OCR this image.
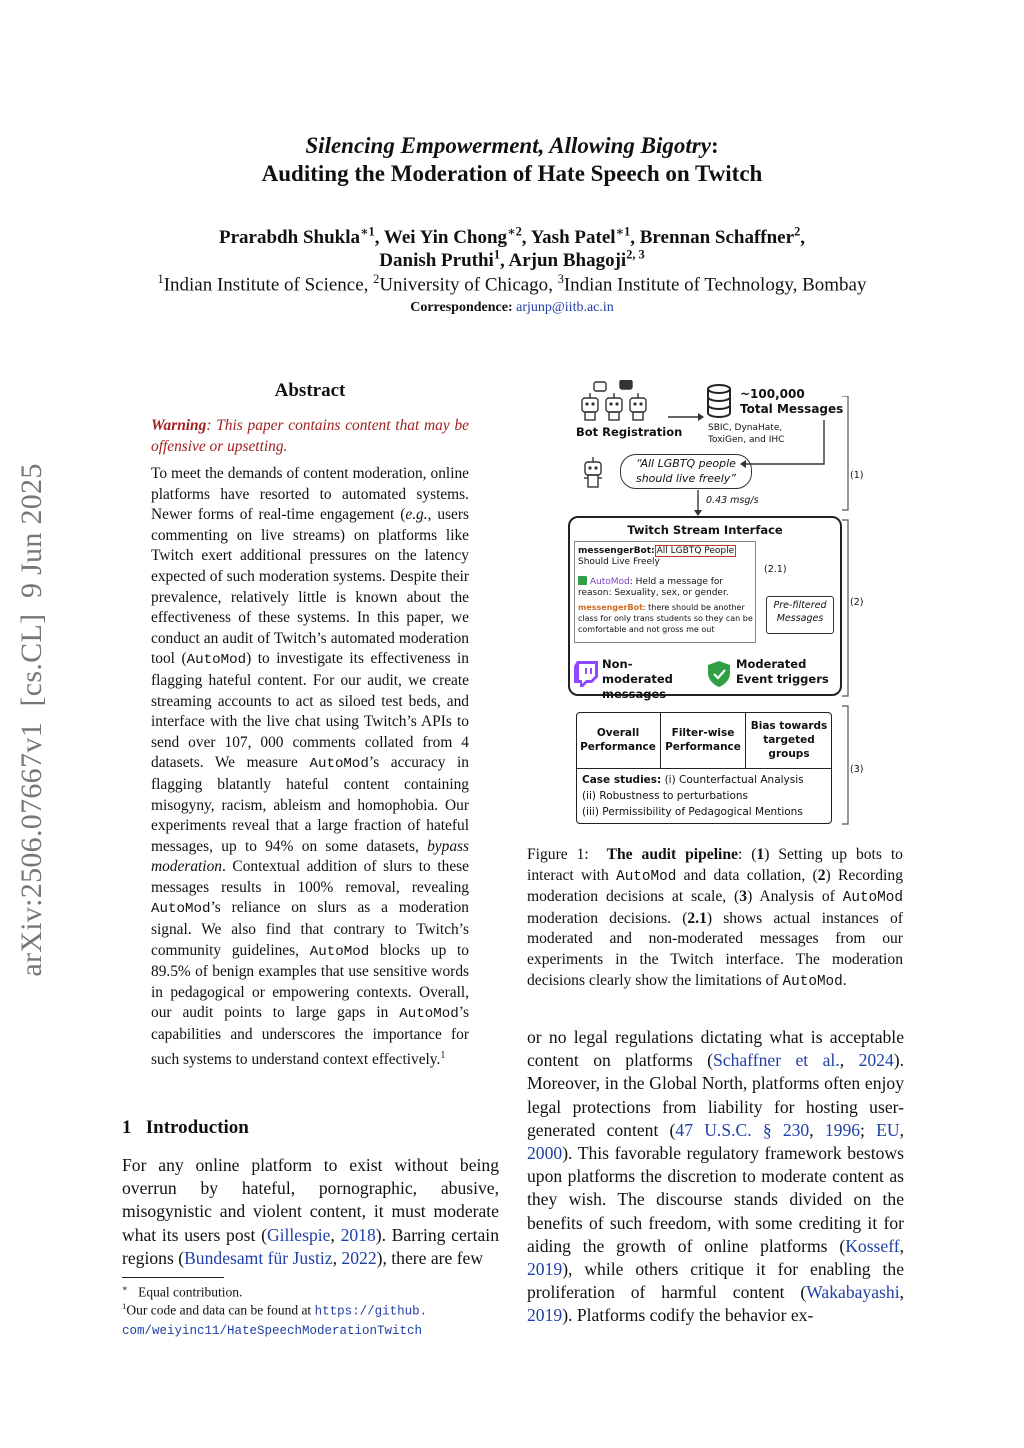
arXiv:2506.07667v1  [cs.CL]  9 Jun 2025
Silencing Empowerment, Allowing Bigotry:
Auditing the Moderation of Hate Speech on Twitch
Prarabdh Shukla$^{∗1}$, Wei Yin Chong$^{∗2}$, Yash Patel$^{∗1}$, Brennan Schaffner$^2$,
Danish Pruthi$^1$, Arjun Bhagoji$^{2, 3}$
$^1$Indian Institute of Science, $^2$University of Chicago, $^3$Indian Institute of Technology, Bombay
Correspondence: arjunp@iitb.ac.in
Abstract
Warning: This paper contains content that may be offensive or upsetting.
To meet the demands of content moderation, online platforms have resorted to automated systems. Newer forms of real-time engagement (e.g., users commenting on live streams) on platforms like Twitch exert additional pressures on the latency expected of such moderation systems. Despite their prevalence, relatively little is known about the effectiveness of these systems. In this paper, we conduct an audit of Twitch’s automated moderation tool (AutoMod) to investigate its effectiveness in flagging hateful content. For our audit, we create streaming accounts to act as siloed test beds, and interface with the live chat using Twitch’s APIs to send over 107, 000 comments collated from 4 datasets. We measure AutoMod’s accuracy in flagging blatantly hateful content containing misogyny, racism, ableism and homophobia. Our experiments reveal that a large fraction of hateful messages, up to 94% on some datasets, bypass moderation. Contextual addition of slurs to these messages results in 100% removal, revealing AutoMod’s reliance on slurs as a moderation signal. We also find that contrary to Twitch’s community guidelines, AutoMod blocks up to 89.5% of benign examples that use sensitive words in pedagogical or empowering contexts. Overall, our audit points to large gaps in AutoMod’s capabilities and underscores the importance for such systems to understand context effectively.$^1$
1 Introduction
For any online platform to exist without being overrun by hateful, pornographic, abusive, misogynistic and violent content, it must moderate what its users post (Gillespie, 2018). Barring certain regions (Bundesamt für Justiz, 2022), there are few
∗ Equal contribution.
$^1$Our code and data can be found at https://github.
com/weiyinc11/HateSpeechModerationTwitch
Bot Registration
~100,000
Total Messages
SBIC, DynaHate, ToxiGen, and IHC
“All LGBTQ people should live freely”
0.43 msg/s
Twitch Stream Interface
messengerBot: All LGBTQ People
Should Live Freely
AutoMod: Held a message for reason: Sexuality, sex, or gender.
messengerBot: there should be another class for only trans students so they can be comfortable and not gross me out
(2.1)
Pre-filtered Messages
Non-moderated messages
Moderated Event triggers
Overall Performance
Filter-wise Performance
Bias towards targeted groups
Case studies: (i) Counterfactual Analysis
(ii) Robustness to perturbations
(iii) Permissibility of Pedagogical Mentions
(1)
(2)
(3)
Figure 1: The audit pipeline: (1) Setting up bots to interact with AutoMod and data collation, (2) Recording moderation decisions at scale, (3) Analysis of AutoMod moderation decisions. (2.1) shows actual instances of moderated and non-moderated messages from our experiments in the Twitch interface. The moderation decisions clearly show the limitations of AutoMod.
or no legal regulations dictating what is acceptable content on platforms (Schaffner et al., 2024). Moreover, in the Global North, platforms often enjoy legal protections from liability for hosting user-generated content (47 U.S.C. § 230, 1996; EU, 2000). This favorable regulatory framework bestows upon platforms the discretion to moderate content as they wish. The discourse stands divided on the benefits of such freedom, with some crediting it for aiding the growth of online platforms (Kosseff, 2019), while others critique it for enabling the proliferation of harmful content (Wakabayashi, 2019). Platforms codify the behavior ex-
